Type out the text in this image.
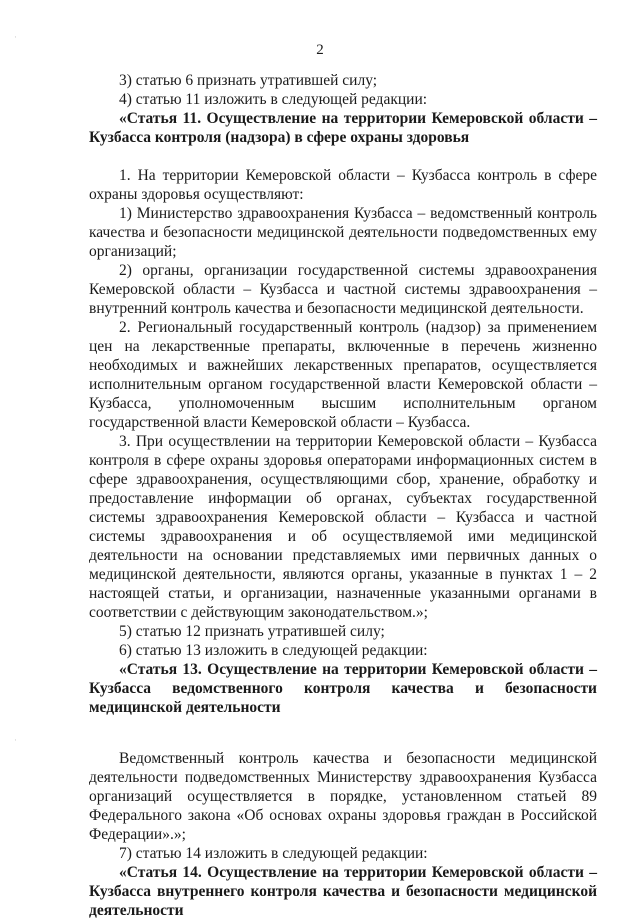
2
·
·

3) статью 6 признать утратившей силу;

4) статью 11 изложить в следующей редакции:

«Статья 11. Осуществление на территории Кемеровской области – Кузбасса контроля (надзора) в сфере охраны здоровья

1. На территории Кемеровской области – Кузбасса контроль в сфере охраны здоровья осуществляют:

1) Министерство здравоохранения Кузбасса – ведомственный контроль качества и безопасности медицинской деятельности подведомственных ему организаций;

2) органы, организации государственной системы здравоохранения Кемеровской области – Кузбасса и частной системы здравоохранения – внутренний контроль качества и безопасности медицинской деятельности.

2. Региональный государственный контроль (надзор) за применением цен на лекарственные препараты, включенные в перечень жизненно необходимых и важнейших лекарственных препаратов, осуществляется исполнительным органом государственной власти Кемеровской области – Кузбасса, уполномоченным высшим исполнительным органом государственной власти Кемеровской области – Кузбасса.

3. При осуществлении на территории Кемеровской области – Кузбасса контроля в сфере охраны здоровья операторами информационных систем в сфере здравоохранения, осуществляющими сбор, хранение, обработку и предоставление информации об органах, субъектах государственной системы здравоохранения Кемеровской области – Кузбасса и частной системы здравоохранения и об осуществляемой ими медицинской деятельности на основании представляемых ими первичных данных о медицинской деятельности, являются органы, указанные в пунктах 1 – 2 настоящей статьи, и организации, назначенные указанными органами в соответствии с действующим законодательством.»;

5) статью 12 признать утратившей силу;

6) статью 13 изложить в следующей редакции:

«Статья 13. Осуществление на территории Кемеровской области – Кузбасса ведомственного контроля качества и безопасности медицинской деятельности

Ведомственный контроль качества и безопасности медицинской деятельности подведомственных Министерству здравоохранения Кузбасса организаций осуществляется в порядке, установленном статьей 89 Федерального закона «Об основах охраны здоровья граждан в Российской Федерации».»;

7) статью 14 изложить в следующей редакции:

«Статья 14. Осуществление на территории Кемеровской области – Кузбасса внутреннего контроля качества и безопасности медицинской деятельности
